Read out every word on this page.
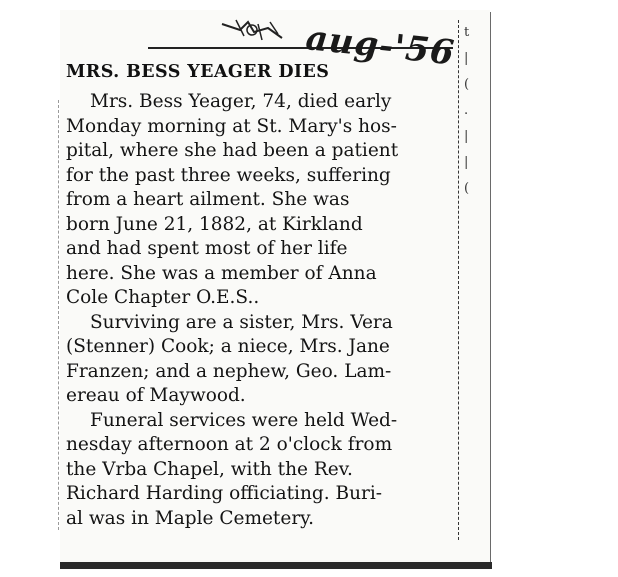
t
|
(
.
|
|
(
aug-'56
MRS. BESS YEAGER DIES

Mrs. Bess Yeager, 74, died early
Monday morning at St. Mary's hos-
pital, where she had been a patient
for the past three weeks, suffering
from a heart ailment. She was
born June 21, 1882, at Kirkland
and had spent most of her life
here. She was a member of Anna
Cole Chapter O.E.S..

Surviving are a sister, Mrs. Vera
(Stenner) Cook; a niece, Mrs. Jane
Franzen; and a nephew, Geo. Lam-
ereau of Maywood.

Funeral services were held Wed-
nesday afternoon at 2 o'clock from
the Vrba Chapel, with the Rev.
Richard Harding officiating. Buri-
al was in Maple Cemetery.
